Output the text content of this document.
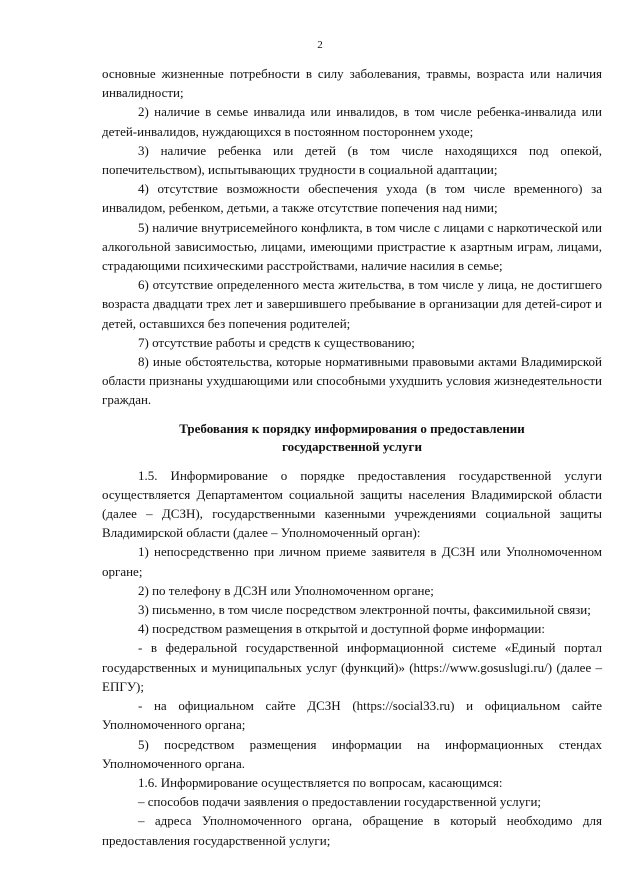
2

основные жизненные потребности в силу заболевания, травмы, возраста или наличия инвалидности;

2) наличие в семье инвалида или инвалидов, в том числе ребенка-инвалида или детей-инвалидов, нуждающихся в постоянном постороннем уходе;

3) наличие ребенка или детей (в том числе находящихся под опекой, попечительством), испытывающих трудности в социальной адаптации;

4) отсутствие возможности обеспечения ухода (в том числе временного) за инвалидом, ребенком, детьми, а также отсутствие попечения над ними;

5) наличие внутрисемейного конфликта, в том числе с лицами с наркотической или алкогольной зависимостью, лицами, имеющими пристрастие к азартным играм, лицами, страдающими психическими расстройствами, наличие насилия в семье;

6) отсутствие определенного места жительства, в том числе у лица, не достигшего возраста двадцати трех лет и завершившего пребывание в организации для детей-сирот и детей, оставшихся без попечения родителей;

7) отсутствие работы и средств к существованию;

8) иные обстоятельства, которые нормативными правовыми актами Владимирской области признаны ухудшающими или способными ухудшить условия жизнедеятельности граждан.

Требования к порядку информирования о предоставлении
государственной услуги

1.5. Информирование о порядке предоставления государственной услуги осуществляется Департаментом социальной защиты населения Владимирской области (далее – ДСЗН), государственными казенными учреждениями социальной защиты Владимирской области (далее – Уполномоченный орган):

1) непосредственно при личном приеме заявителя в ДСЗН или Уполномоченном органе;

2) по телефону в ДСЗН или Уполномоченном органе;

3) письменно, в том числе посредством электронной почты, факсимильной связи;

4) посредством размещения в открытой и доступной форме информации:

- в федеральной государственной информационной системе «Единый портал государственных и муниципальных услуг (функций)» (https://www.gosuslugi.ru/) (далее – ЕПГУ);

- на официальном сайте ДСЗН (https://social33.ru) и официальном сайте Уполномоченного органа;

5) посредством размещения информации на информационных стендах Уполномоченного органа.

1.6. Информирование осуществляется по вопросам, касающимся:

– способов подачи заявления о предоставлении государственной услуги;

– адреса Уполномоченного органа, обращение в который необходимо для предоставления государственной услуги;
